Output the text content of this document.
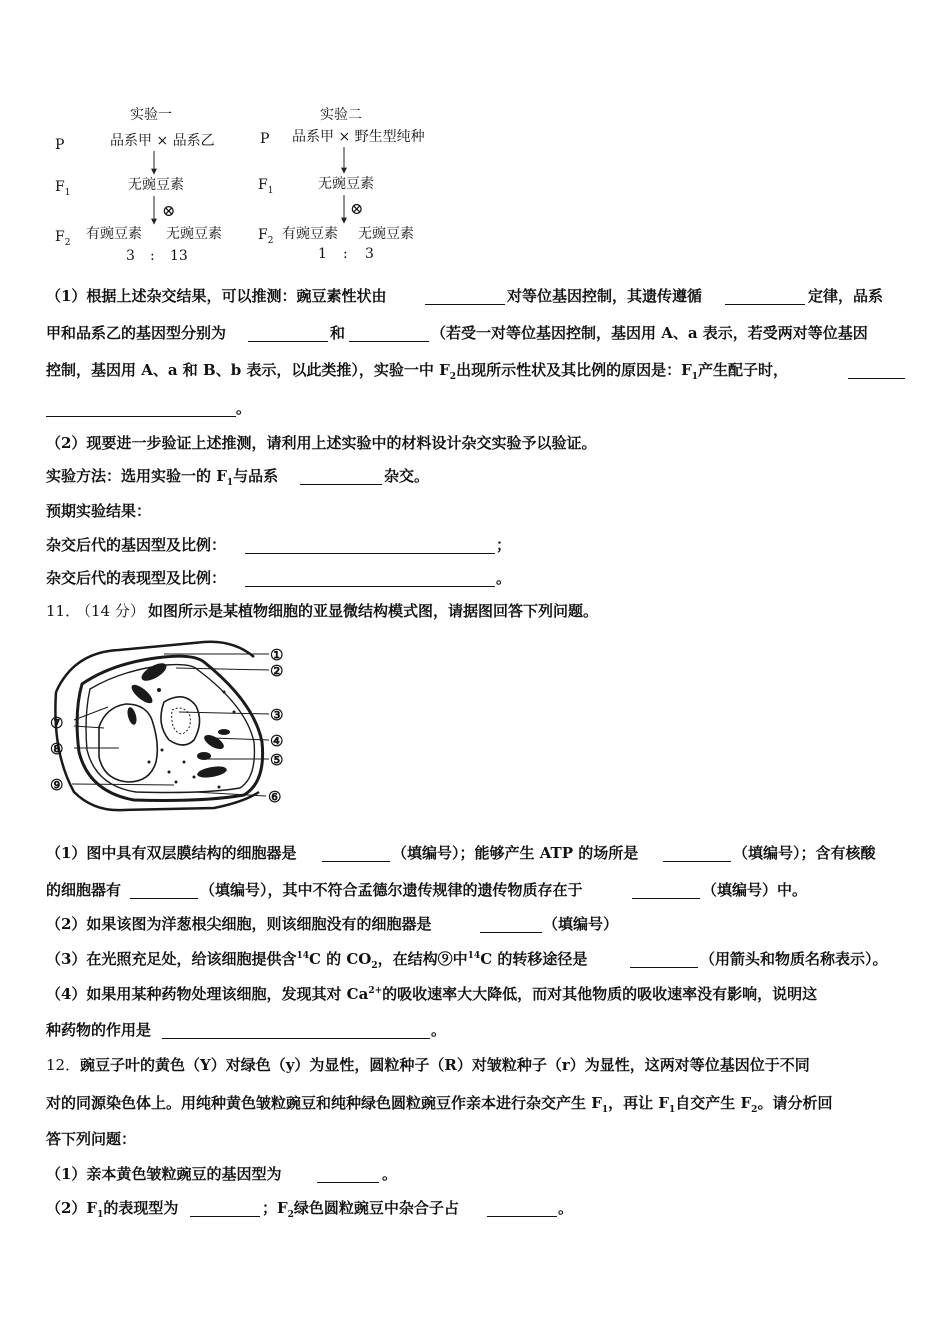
实验一
P	品系甲 × 品系乙
$F_1$	无豌豆素
⊗
$F_2$
有豌豆素 无豌豆素
3 : 13
实验二
P 品系甲 × 野生型纯种
$F_1$	无豌豆素
⊗
$F_2$ 有豌豆素 无豌豆素
1 : 3
（1）根据上述杂交结果，可以推测：豌豆素性状由	对等位基因控制，其遗传遵循	定律，品系
甲和品系乙的基因型分别为	和	（若受一对等位基因控制，基因用 A、a 表示，若受两对等位基因
控制，基因用 A、a 和 B、b 表示，以此类推），实验一中 $F_2$出现所示性状及其比例的原因是：$F_1$产生配子时，
。
（2）现要进一步验证上述推测，请利用上述实验中的材料设计杂交实验予以验证。
实验方法：选用实验一的 $F_1$与品系	杂交。
预期实验结果：
杂交后代的基因型及比例：	；
杂交后代的表现型及比例：	。
11．
（14 分） 如图所示是某植物细胞的亚显微结构模式图，请据图回答下列问题。
①
②
③
④
⑤
⑥
⑦
⑧
⑨
（1）图中具有双层膜结构的细胞器是	（填编号）；能够产生 ATP 的场所是	（填编号）；含有核酸
的细胞器有	（填编号），其中不符合孟德尔遗传规律的遗传物质存在于	（填编号）中。
（2）如果该图为洋葱根尖细胞，则该细胞没有的细胞器是	（填编号）
（3）在光照充足处，给该细胞提供含$^{14}$C 的 $CO_2$，在结构⑨中$^{14}$C 的转移途径是	（用箭头和物质名称表示）。
（4）如果用某种药物处理该细胞，发现其对 $Ca^{2+}$的吸收速率大大降低，而对其他物质的吸收速率没有影响，说明这
种药物的作用是	。
12． 豌豆子叶的黄色（Y）对绿色（y）为显性，圆粒种子（R）对皱粒种子（r）为显性，这两对等位基因位于不同
对的同源染色体上。用纯种黄色皱粒豌豆和纯种绿色圆粒豌豆作亲本进行杂交产生 $F_1$，再让 $F_1$自交产生 $F_2$。请分析回
答下列问题：
（1）亲本黄色皱粒豌豆的基因型为	。
$(2)F_1$的表现型为	；$F_2$绿色圆粒豌豆中杂合子占	。
